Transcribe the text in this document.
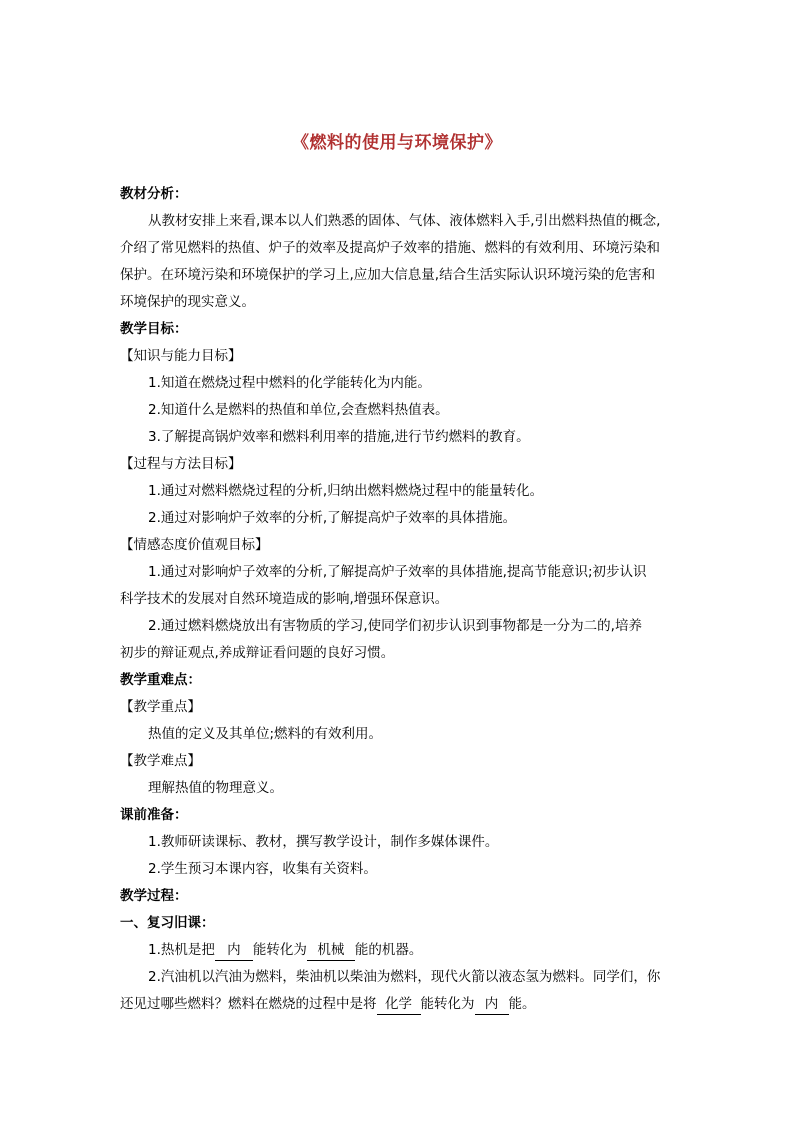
《燃料的使用与环境保护》
教材分析：
从教材安排上来看,课本以人们熟悉的固体、气体、液体燃料入手,引出燃料热值的概念,
介绍了常见燃料的热值、炉子的效率及提高炉子效率的措施、燃料的有效利用、环境污染和
保护。在环境污染和环境保护的学习上,应加大信息量,结合生活实际认识环境污染的危害和
环境保护的现实意义。
教学目标：
【知识与能力目标】
1.知道在燃烧过程中燃料的化学能转化为内能。
2.知道什么是燃料的热值和单位,会查燃料热值表。
3.了解提高锅炉效率和燃料利用率的措施,进行节约燃料的教育。
【过程与方法目标】
1.通过对燃料燃烧过程的分析,归纳出燃料燃烧过程中的能量转化。
2.通过对影响炉子效率的分析,了解提高炉子效率的具体措施。
【情感态度价值观目标】
1.通过对影响炉子效率的分析,了解提高炉子效率的具体措施,提高节能意识;初步认识
科学技术的发展对自然环境造成的影响,增强环保意识。
2.通过燃料燃烧放出有害物质的学习,使同学们初步认识到事物都是一分为二的,培养
初步的辩证观点,养成辩证看问题的良好习惯。
教学重难点：
【教学重点】
热值的定义及其单位;燃料的有效利用。
【教学难点】
理解热值的物理意义。
课前准备：
1.教师研读课标、教材，撰写教学设计，制作多媒体课件。
2.学生预习本课内容，收集有关资料。
教学过程：
一、复习旧课：
1.热机是把 内 能转化为 机械 能的机器。
2.汽油机以汽油为燃料，柴油机以柴油为燃料，现代火箭以液态氢为燃料。同学们，你
还见过哪些燃料？燃料在燃烧的过程中是将 化学 能转化为 内 能。
